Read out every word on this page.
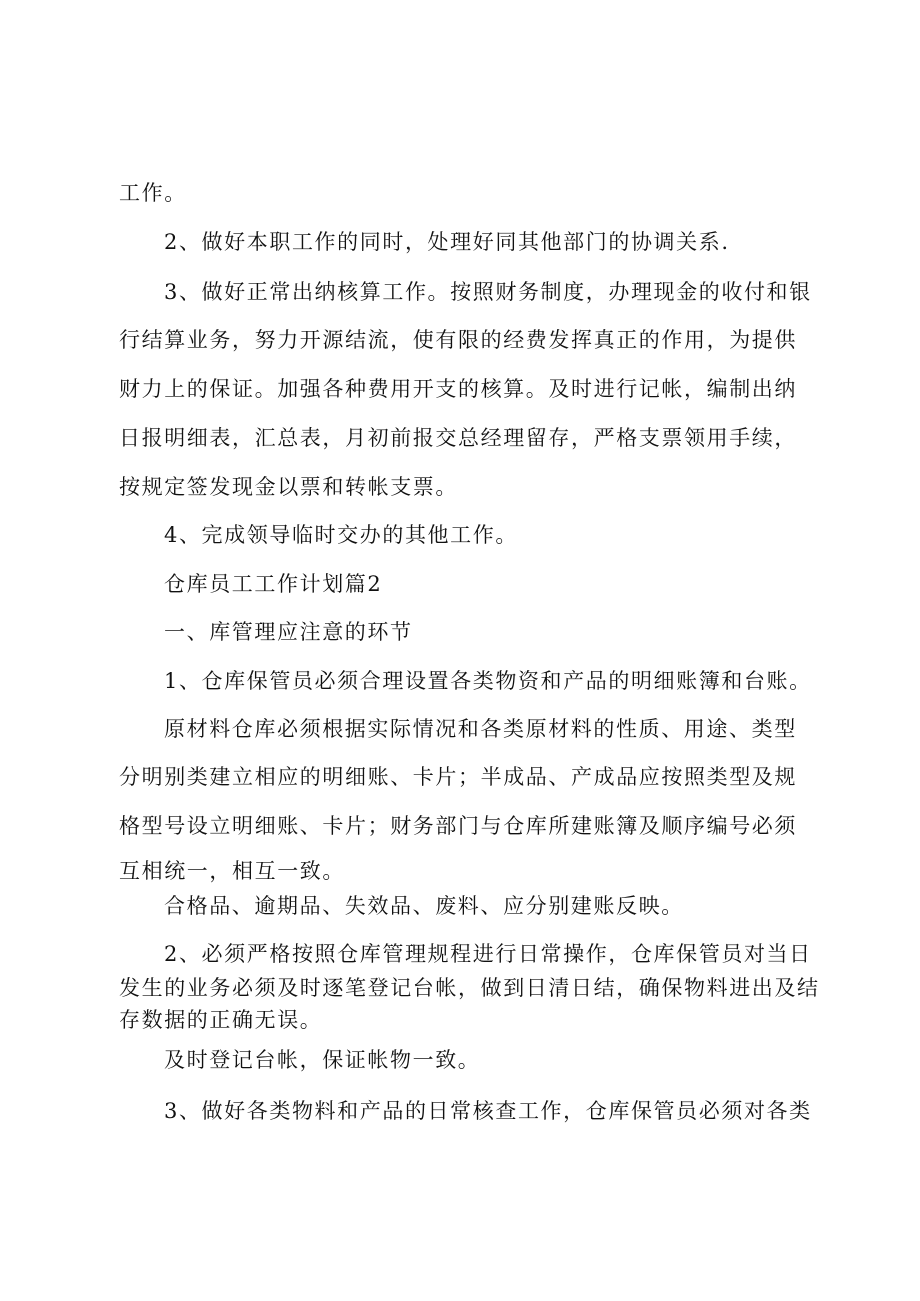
工作。

2、做好本职工作的同时，处理好同其他部门的协调关系.

3、做好正常出纳核算工作。按照财务制度，办理现金的收付和银

行结算业务，努力开源结流，使有限的经费发挥真正的作用，为提供

财力上的保证。加强各种费用开支的核算。及时进行记帐，编制出纳

日报明细表，汇总表，月初前报交总经理留存，严格支票领用手续，

按规定签发现金以票和转帐支票。

4、完成领导临时交办的其他工作。

仓库员工工作计划篇2

一、库管理应注意的环节

1、仓库保管员必须合理设置各类物资和产品的明细账簿和台账。

原材料仓库必须根据实际情况和各类原材料的性质、用途、类型

分明别类建立相应的明细账、卡片；半成品、产成品应按照类型及规

格型号设立明细账、卡片；财务部门与仓库所建账簿及顺序编号必须

互相统一，相互一致。

合格品、逾期品、失效品、废料、应分别建账反映。

2、必须严格按照仓库管理规程进行日常操作，仓库保管员对当日

发生的业务必须及时逐笔登记台帐，做到日清日结，确保物料进出及结

存数据的正确无误。

及时登记台帐，保证帐物一致。

3、做好各类物料和产品的日常核查工作，仓库保管员必须对各类
